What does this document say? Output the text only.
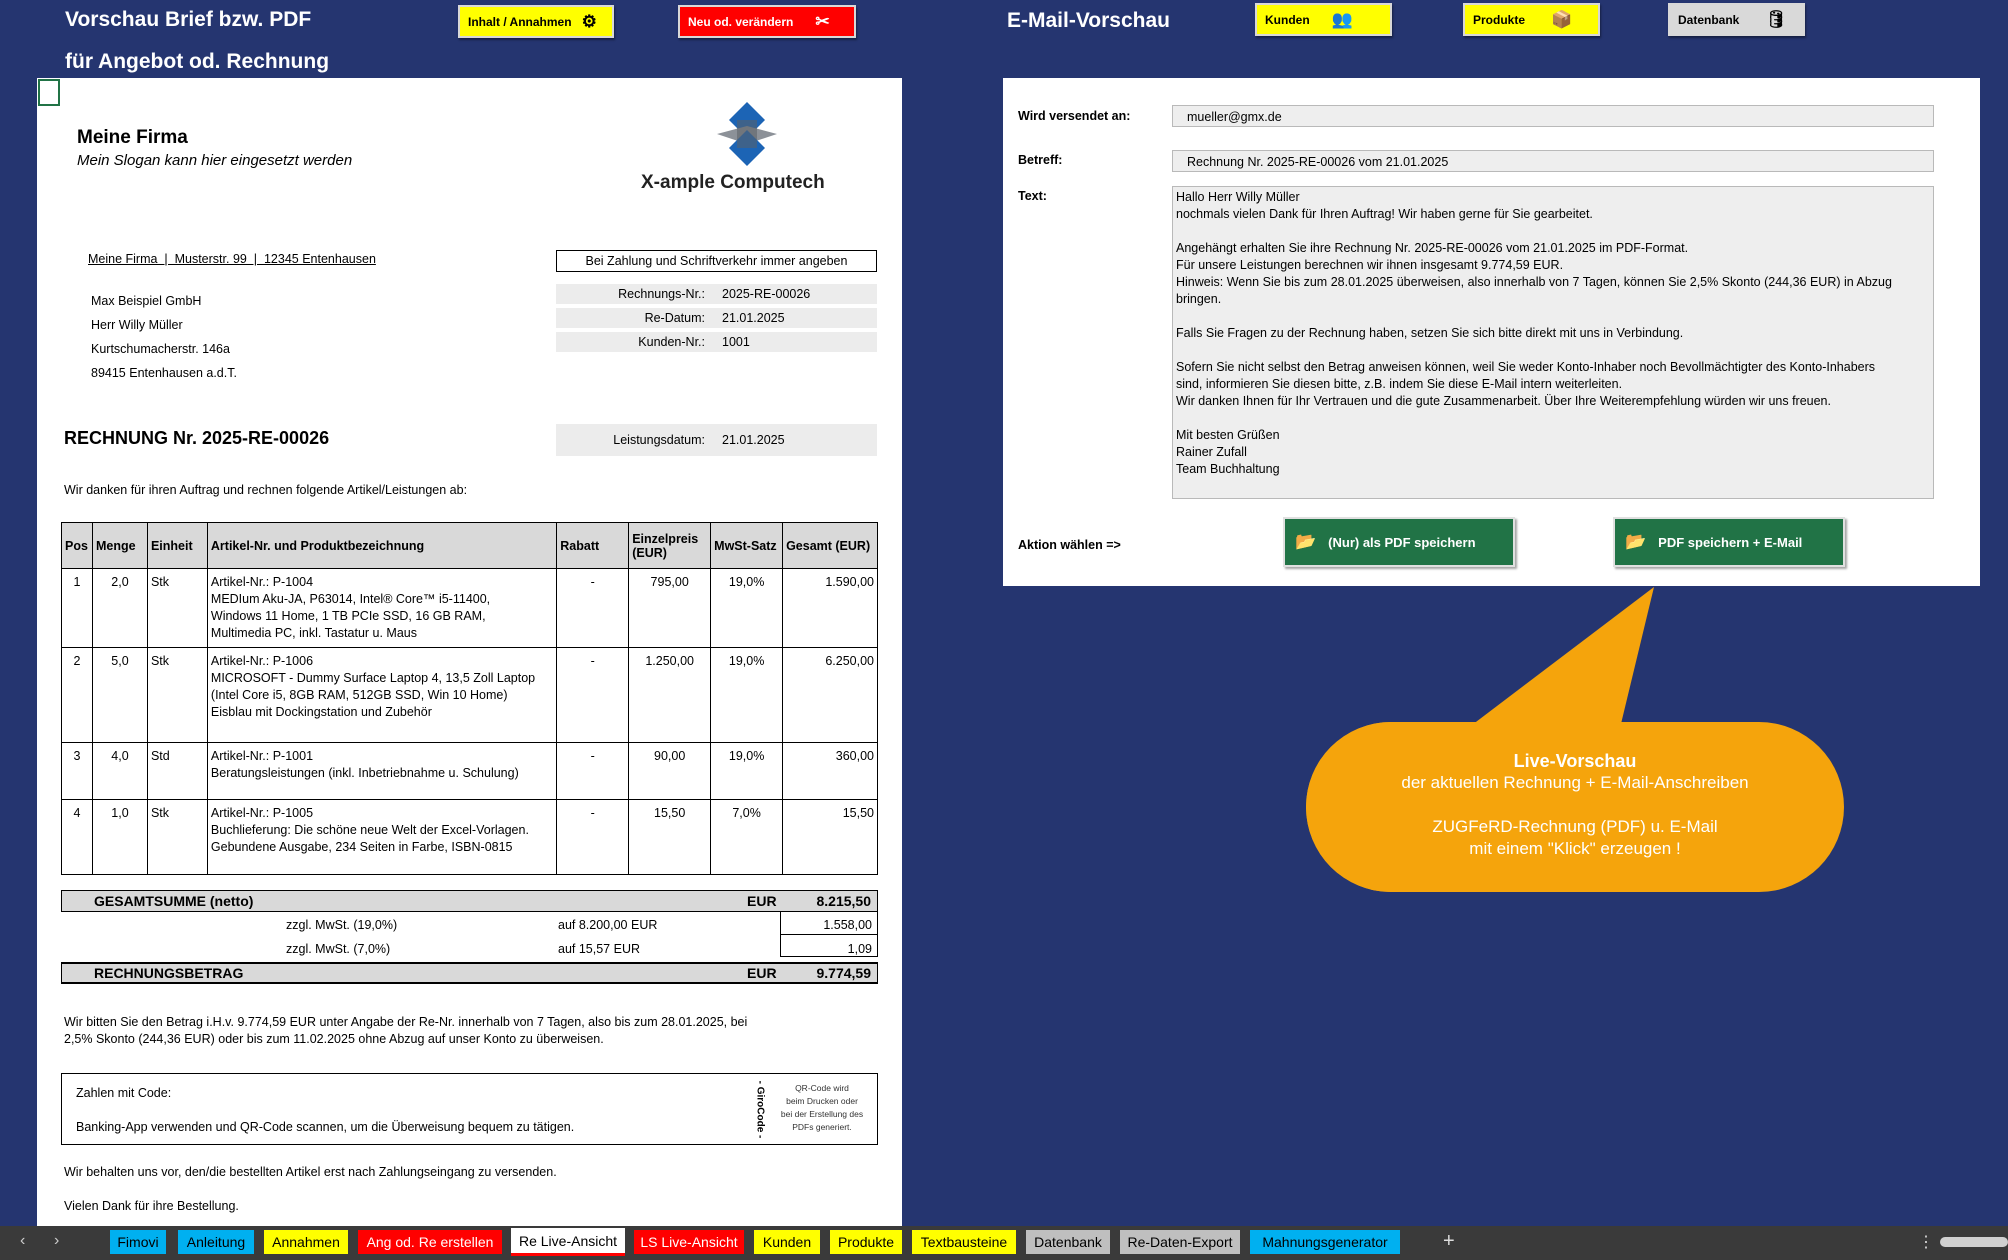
Vorschau Brief bzw. PDF
für Angebot od. Rechnung
Inhalt / Annahmen ⚙	Neu od. verändern ✂	E-Mail-Vorschau	Kunden 👥	Produkte 📦	Datenbank 🛢
Meine Firma
Mein Slogan kann hier eingesetzt werden
X-ample Computech
Meine Firma  |  Musterstr. 99  |  12345 Entenhausen	Bei Zahlung und Schriftverkehr immer angeben
Max Beispiel GmbH
Herr Willy Müller
Kurtschumacherstr. 146a
89415 Entenhausen a.d.T.
Rechnungs-Nr.: 2025-RE-00026
Re-Datum: 21.01.2025
Kunden-Nr.: 1001
RECHNUNG Nr. 2025-RE-00026	Leistungsdatum: 21.01.2025
Wir danken für ihren Auftrag und rechnen folgende Artikel/Leistungen ab:
Pos	Menge	Einheit	Artikel-Nr. und Produktbezeichnung	Rabatt	Einzelpreis (EUR)	MwSt-Satz	Gesamt (EUR)
1	2,0	Stk	Artikel-Nr.: P-1004
MEDIum Aku-JA, P63014, Intel® Core™ i5-11400,
Windows 11 Home, 1 TB PCIe SSD, 16 GB RAM,
Multimedia PC, inkl. Tastatur u. Maus	-	795,00	19,0%	1.590,00
2	5,0	Stk	Artikel-Nr.: P-1006
MICROSOFT - Dummy Surface Laptop 4, 13,5 Zoll Laptop
(Intel Core i5, 8GB RAM, 512GB SSD, Win 10 Home)
Eisblau mit Dockingstation und Zubehör	-	1.250,00	19,0%	6.250,00
3	4,0	Std	Artikel-Nr.: P-1001
Beratungsleistungen (inkl. Inbetriebnahme u. Schulung)	-	90,00	19,0%	360,00
4	1,0	Stk	Artikel-Nr.: P-1005
Buchlieferung: Die schöne neue Welt der Excel-Vorlagen.
Gebundene Ausgabe, 234 Seiten in Farbe, ISBN-0815	-	15,50	7,0%	15,50
GESAMTSUMME (netto)	EUR	8.215,50
zzgl. MwSt. (19,0%)	auf 8.200,00 EUR	1.558,00
zzgl. MwSt. (7,0%)	auf 15,57 EUR	1,09
RECHNUNGSBETRAG	EUR	9.774,59
Wir bitten Sie den Betrag i.H.v. 9.774,59 EUR unter Angabe der Re-Nr. innerhalb von 7 Tagen, also bis zum 28.01.2025, bei
2,5% Skonto (244,36 EUR) oder bis zum 11.02.2025 ohne Abzug auf unser Konto zu überweisen.
Zahlen mit Code:
Banking-App verwenden und QR-Code scannen, um die Überweisung bequem zu tätigen.	- GiroCode -	QR-Code wird
beim Drucken oder
bei der Erstellung des
PDFs generiert.
Wir behalten uns vor, den/die bestellten Artikel erst nach Zahlungseingang zu versenden.
Vielen Dank für ihre Bestellung.
Wird versendet an:	mueller@gmx.de
Betreff:	Rechnung Nr. 2025-RE-00026 vom 21.01.2025
Text:	Hallo Herr Willy Müller
nochmals vielen Dank für Ihren Auftrag! Wir haben gerne für Sie gearbeitet.
Angehängt erhalten Sie ihre Rechnung Nr. 2025-RE-00026 vom 21.01.2025 im PDF-Format.
Für unsere Leistungen berechnen wir ihnen insgesamt 9.774,59 EUR.
Hinweis: Wenn Sie bis zum 28.01.2025 überweisen, also innerhalb von 7 Tagen, können Sie 2,5% Skonto (244,36 EUR) in Abzug
bringen.
Falls Sie Fragen zu der Rechnung haben, setzen Sie sich bitte direkt mit uns in Verbindung.
Sofern Sie nicht selbst den Betrag anweisen können, weil Sie weder Konto-Inhaber noch Bevollmächtigter des Konto-Inhabers
sind, informieren Sie diesen bitte, z.B. indem Sie diese E-Mail intern weiterleiten.
Wir danken Ihnen für Ihr Vertrauen und die gute Zusammenarbeit. Über Ihre Weiterempfehlung würden wir uns freuen.
Mit besten Grüßen
Rainer Zufall
Team Buchhaltung
Aktion wählen =>	📂 (Nur) als PDF speichern	📂 PDF speichern + E-Mail
Live-Vorschau
der aktuellen Rechnung + E-Mail-Anschreiben
ZUGFeRD-Rechnung (PDF) u. E-Mail
mit einem "Klick" erzeugen !
‹ ›	Fimovi	Anleitung	Annahmen	Ang od. Re erstellen	Re Live-Ansicht	LS Live-Ansicht	Kunden	Produkte	Textbausteine	Datenbank	Re-Daten-Export	Mahnungsgenerator	+	⋮
